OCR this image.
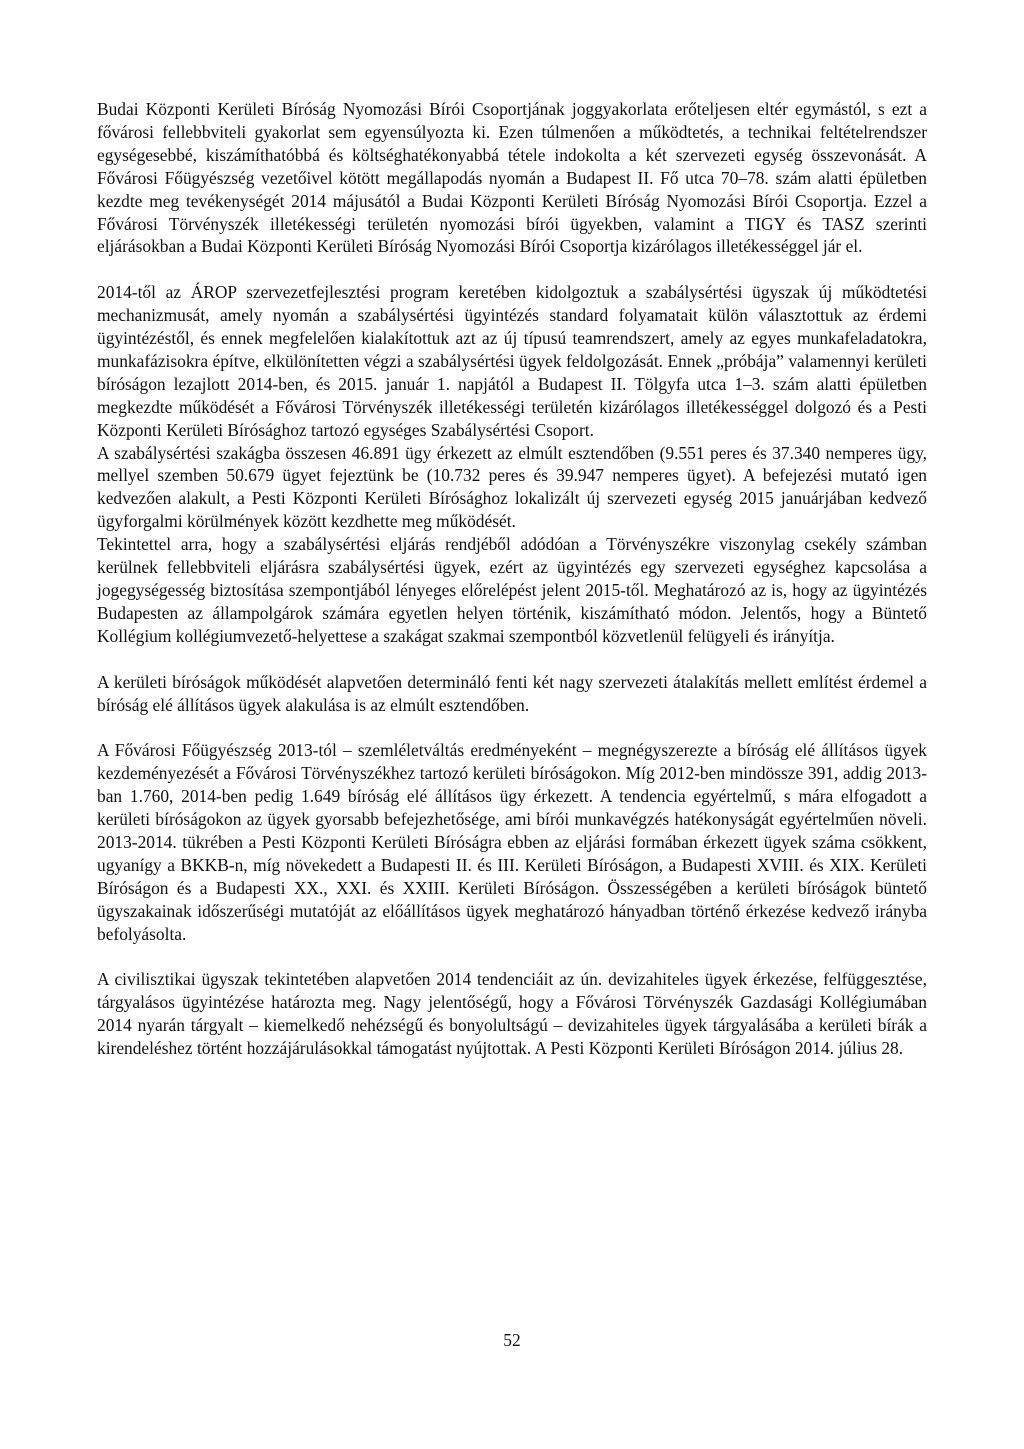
Budai Központi Kerületi Bíróság Nyomozási Bírói Csoportjának joggyakorlata erőteljesen eltér egymástól, s ezt a fővárosi fellebbviteli gyakorlat sem egyensúlyozta ki. Ezen túlmenően a működtetés, a technikai feltételrendszer egységesebbé, kiszámíthatóbbá és költséghatékonyabbá tétele indokolta a két szervezeti egység összevonását. A Fővárosi Főügyészség vezetőivel kötött megállapodás nyomán a Budapest II. Fő utca 70–78. szám alatti épületben kezdte meg tevékenységét 2014 májusától a Budai Központi Kerületi Bíróság Nyomozási Bírói Csoportja. Ezzel a Fővárosi Törvényszék illetékességi területén nyomozási bírói ügyekben, valamint a TIGY és TASZ szerinti eljárásokban a Budai Központi Kerületi Bíróság Nyomozási Bírói Csoportja kizárólagos illetékességgel jár el.

2014-től az ÁROP szervezetfejlesztési program keretében kidolgoztuk a szabálysértési ügyszak új működtetési mechanizmusát, amely nyomán a szabálysértési ügyintézés standard folyamatait külön választottuk az érdemi ügyintézéstől, és ennek megfelelően kialakítottuk azt az új típusú teamrendszert, amely az egyes munkafeladatokra, munkafázisokra építve, elkülönítetten végzi a szabálysértési ügyek feldolgozását. Ennek „próbája” valamennyi kerületi bíróságon lezajlott 2014-ben, és 2015. január 1. napjától a Budapest II. Tölgyfa utca 1–3. szám alatti épületben megkezdte működését a Fővárosi Törvényszék illetékességi területén kizárólagos illetékességgel dolgozó és a Pesti Központi Kerületi Bírósághoz tartozó egységes Szabálysértési Csoport.

A szabálysértési szakágba összesen 46.891 ügy érkezett az elmúlt esztendőben (9.551 peres és 37.340 nemperes ügy, mellyel szemben 50.679 ügyet fejeztünk be (10.732 peres és 39.947 nemperes ügyet). A befejezési mutató igen kedvezően alakult, a Pesti Központi Kerületi Bírósághoz lokalizált új szervezeti egység 2015 januárjában kedvező ügyforgalmi körülmények között kezdhette meg működését.

Tekintettel arra, hogy a szabálysértési eljárás rendjéből adódóan a Törvényszékre viszonylag csekély számban kerülnek fellebbviteli eljárásra szabálysértési ügyek, ezért az ügyintézés egy szervezeti egységhez kapcsolása a jogegységesség biztosítása szempontjából lényeges előrelépést jelent 2015-től. Meghatározó az is, hogy az ügyintézés Budapesten az állampolgárok számára egyetlen helyen történik, kiszámítható módon. Jelentős, hogy a Büntető Kollégium kollégiumvezető-helyettese a szakágat szakmai szempontból közvetlenül felügyeli és irányítja.

A kerületi bíróságok működését alapvetően determináló fenti két nagy szervezeti átalakítás mellett említést érdemel a bíróság elé állításos ügyek alakulása is az elmúlt esztendőben.

A Fővárosi Főügyészség 2013-tól – szemléletváltás eredményeként – megnégyszerezte a bíróság elé állításos ügyek kezdeményezését a Fővárosi Törvényszékhez tartozó kerületi bíróságokon. Míg 2012-ben mindössze 391, addig 2013-ban 1.760, 2014-ben pedig 1.649 bíróság elé állításos ügy érkezett. A tendencia egyértelmű, s mára elfogadott a kerületi bíróságokon az ügyek gyorsabb befejezhetősége, ami bírói munkavégzés hatékonyságát egyértelműen növeli. 2013-2014. tükrében a Pesti Központi Kerületi Bíróságra ebben az eljárási formában érkezett ügyek száma csökkent, ugyanígy a BKKB-n, míg növekedett a Budapesti II. és III. Kerületi Bíróságon, a Budapesti XVIII. és XIX. Kerületi Bíróságon és a Budapesti XX., XXI. és XXIII. Kerületi Bíróságon. Összességében a kerületi bíróságok büntető ügyszakainak időszerűségi mutatóját az előállításos ügyek meghatározó hányadban történő érkezése kedvező irányba befolyásolta.

A civilisztikai ügyszak tekintetében alapvetően 2014 tendenciáit az ún. devizahiteles ügyek érkezése, felfüggesztése, tárgyalásos ügyintézése határozta meg. Nagy jelentőségű, hogy a Fővárosi Törvényszék Gazdasági Kollégiumában 2014 nyarán tárgyalt – kiemelkedő nehézségű és bonyolultságú – devizahiteles ügyek tárgyalásába a kerületi bírák a kirendeléshez történt hozzájárulásokkal támogatást nyújtottak. A Pesti Központi Kerületi Bíróságon 2014. július 28.

52
